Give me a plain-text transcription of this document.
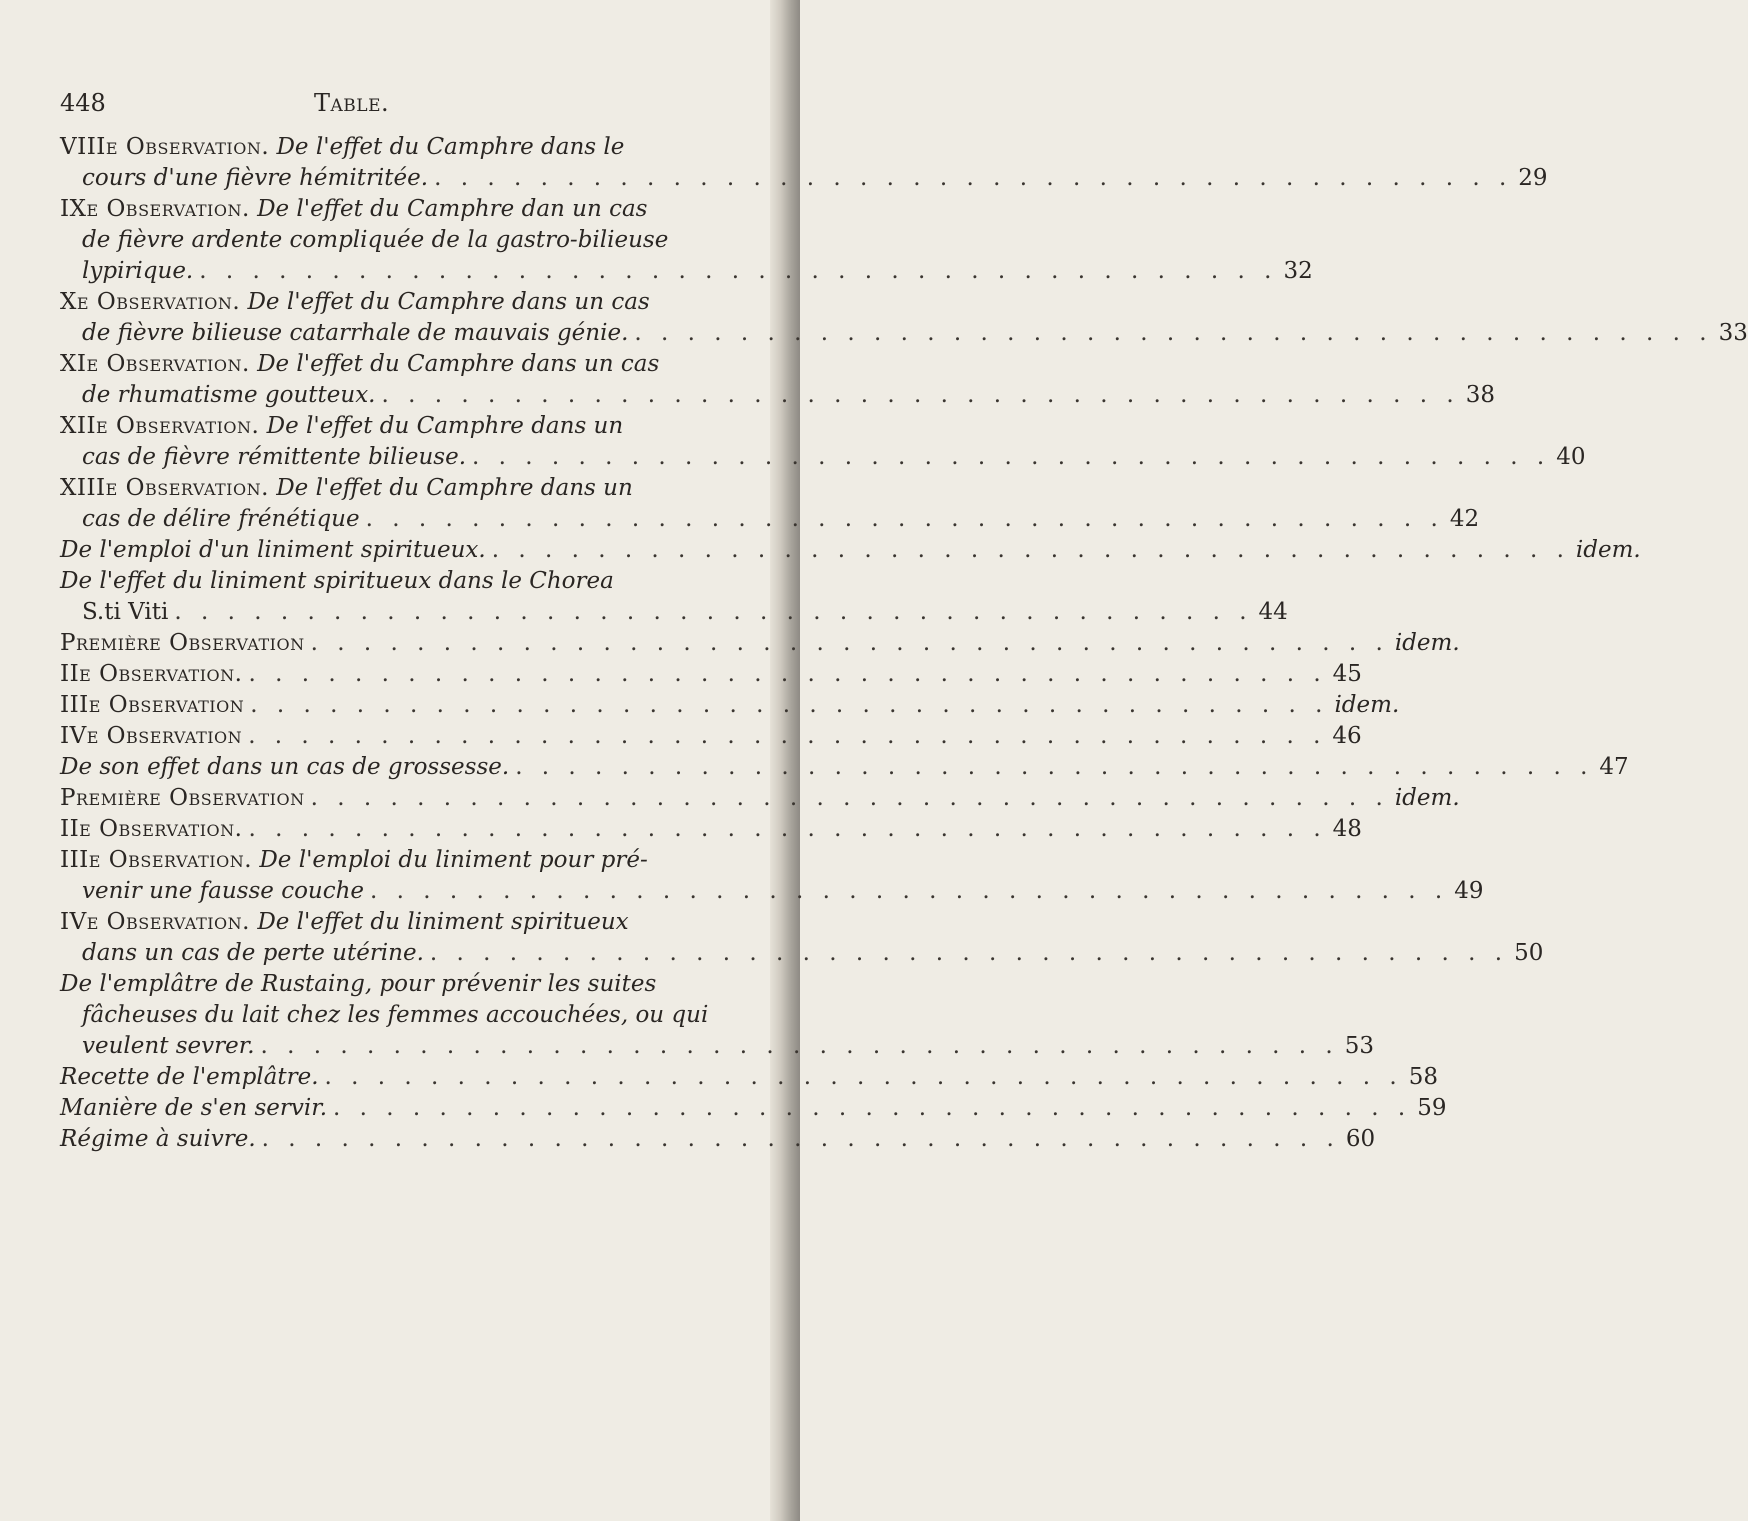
448	Table.
VIIIe Observation. De l'effet du Camphre dans le
cours d'une fièvre hémitritée. . . .	29
IXe Observation. De l'effet du Camphre dan un cas
de fièvre ardente compliquée de la gastro-bilieuse
lypirique. . . .	32
Xe Observation. De l'effet du Camphre dans un cas
de fièvre bilieuse catarrhale de mauvais génie. . . .	33
XIe Observation. De l'effet du Camphre dans un cas
de rhumatisme goutteux. . . .	38
XIIe Observation. De l'effet du Camphre dans un
cas de fièvre rémittente bilieuse. . . .	40
XIIIe Observation. De l'effet du Camphre dans un
cas de délire frénétique . . .	42
De l'emploi d'un liniment spiritueux. . . .	idem.
De l'effet du liniment spiritueux dans le Chorea
S.ti Viti . . .	44
Première Observation . . .	idem.
IIe Observation. . . .	45
IIIe Observation . . .	idem.
IVe Observation . . .	46
De son effet dans un cas de grossesse. . . .	47
Première Observation . . .	idem.
IIe Observation. . . .	48
IIIe Observation. De l'emploi du liniment pour pré-
venir une fausse couche . . .	49
IVe Observation. De l'effet du liniment spiritueux
dans un cas de perte utérine. . . .	50
De l'emplâtre de Rustaing, pour prévenir les suites
fâcheuses du lait chez les femmes accouchées, ou qui
veulent sevrer. . . .	53
Recette de l'emplâtre. . . .	58
Manière de s'en servir. . . .	59
Régime à suivre. . . .	60
